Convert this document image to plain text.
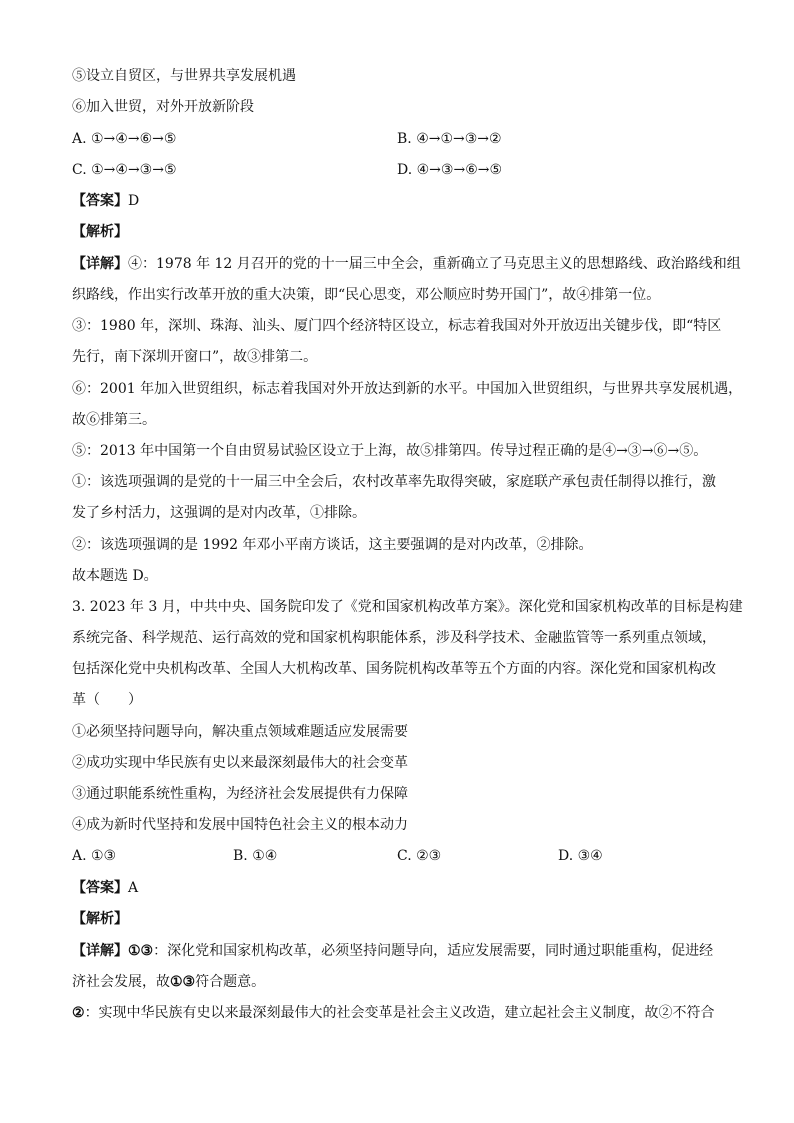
⑤设立自贸区，与世界共享发展机遇
⑥加入世贸，对外开放新阶段
A. ①→④→⑥→⑤	B. ④→①→③→②
C. ①→④→③→⑤	D. ④→③→⑥→⑤
【答案】D
【解析】
【详解】④：1978 年 12 月召开的党的十一届三中全会，重新确立了马克思主义的思想路线、政治路线和组
织路线，作出实行改革开放的重大决策，即“民心思变，邓公顺应时势开国门”，故④排第一位。
③：1980 年，深圳、珠海、汕头、厦门四个经济特区设立，标志着我国对外开放迈出关键步伐，即“特区
先行，南下深圳开窗口”，故③排第二。
⑥：2001 年加入世贸组织，标志着我国对外开放达到新的水平。中国加入世贸组织，与世界共享发展机遇，
故⑥排第三。
⑤：2013 年中国第一个自由贸易试验区设立于上海，故⑤排第四。传导过程正确的是④→③→⑥→⑤。
①：该选项强调的是党的十一届三中全会后，农村改革率先取得突破，家庭联产承包责任制得以推行，激
发了乡村活力，这强调的是对内改革，①排除。
②：该选项强调的是 1992 年邓小平南方谈话，这主要强调的是对内改革，②排除。
故本题选 D。
3. 2023 年 3 月，中共中央、国务院印发了《党和国家机构改革方案》。深化党和国家机构改革的目标是构建
系统完备、科学规范、运行高效的党和国家机构职能体系，涉及科学技术、金融监管等一系列重点领域，
包括深化党中央机构改革、全国人大机构改革、国务院机构改革等五个方面的内容。深化党和国家机构改
革（　　）
①必须坚持问题导向，解决重点领域难题适应发展需要
②成功实现中华民族有史以来最深刻最伟大的社会变革
③通过职能系统性重构，为经济社会发展提供有力保障
④成为新时代坚持和发展中国特色社会主义的根本动力
A. ①③	B. ①④	C. ②③	D. ③④
【答案】A
【解析】
【详解】①③：深化党和国家机构改革，必须坚持问题导向，适应发展需要，同时通过职能重构，促进经
济社会发展，故①③符合题意。
②：实现中华民族有史以来最深刻最伟大的社会变革是社会主义改造，建立起社会主义制度，故②不符合
